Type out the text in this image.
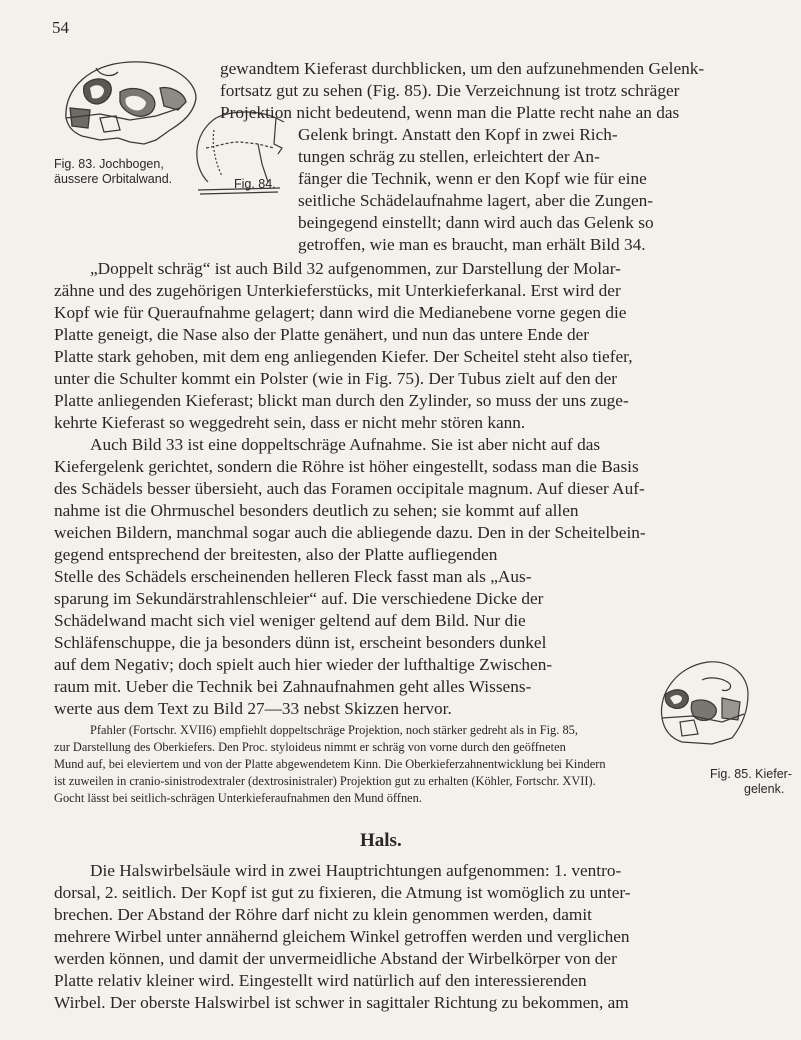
54
Fig. 83. Jochbogen,
äussere Orbitalwand.	Fig. 84.
Fig. 85. Kiefer-
gelenk.
gewandtem Kieferast durchblicken, um den aufzunehmenden Gelenk-
fortsatz gut zu sehen (Fig. 85). Die Verzeichnung ist trotz schräger
Projektion nicht bedeutend, wenn man die Platte recht nahe an das
Gelenk bringt. Anstatt den Kopf in zwei Rich-
tungen schräg zu stellen, erleichtert der An-
fänger die Technik, wenn er den Kopf wie für eine
seitliche Schädelaufnahme lagert, aber die Zungen-
beingegend einstellt; dann wird auch das Gelenk so
getroffen, wie man es braucht, man erhält Bild 34.
„Doppelt schräg“ ist auch Bild 32 aufgenommen, zur Darstellung der Molar-
zähne und des zugehörigen Unterkieferstücks, mit Unterkieferkanal. Erst wird der
Kopf wie für Queraufnahme gelagert; dann wird die Medianebene vorne gegen die
Platte geneigt, die Nase also der Platte genähert, und nun das untere Ende der
Platte stark gehoben, mit dem eng anliegenden Kiefer. Der Scheitel steht also tiefer,
unter die Schulter kommt ein Polster (wie in Fig. 75). Der Tubus zielt auf den der
Platte anliegenden Kieferast; blickt man durch den Zylinder, so muss der uns zuge-
kehrte Kieferast so weggedreht sein, dass er nicht mehr stören kann.
Auch Bild 33 ist eine doppeltschräge Aufnahme. Sie ist aber nicht auf das
Kiefergelenk gerichtet, sondern die Röhre ist höher eingestellt, sodass man die Basis
des Schädels besser übersieht, auch das Foramen occipitale magnum. Auf dieser Auf-
nahme ist die Ohrmuschel besonders deutlich zu sehen; sie kommt auf allen
weichen Bildern, manchmal sogar auch die abliegende dazu. Den in der Scheitelbein-
gegend entsprechend der breitesten, also der Platte aufliegenden
Stelle des Schädels erscheinenden helleren Fleck fasst man als „Aus-
sparung im Sekundärstrahlenschleier“ auf. Die verschiedene Dicke der
Schädelwand macht sich viel weniger geltend auf dem Bild. Nur die
Schläfenschuppe, die ja besonders dünn ist, erscheint besonders dunkel
auf dem Negativ; doch spielt auch hier wieder der lufthaltige Zwischen-
raum mit. Ueber die Technik bei Zahnaufnahmen geht alles Wissens-
werte aus dem Text zu Bild 27—33 nebst Skizzen hervor.
Pfahler (Fortschr. XVII6) empfiehlt doppeltschräge Projektion, noch stärker gedreht als in Fig. 85,
zur Darstellung des Oberkiefers. Den Proc. styloideus nimmt er schräg von vorne durch den geöffneten
Mund auf, bei eleviertem und von der Platte abgewendetem Kinn. Die Oberkieferzahnentwicklung bei Kindern
ist zuweilen in cranio-sinistrodextraler (dextrosinistraler) Projektion gut zu erhalten (Köhler, Fortschr. XVII).
Gocht lässt bei seitlich-schrägen Unterkieferaufnahmen den Mund öffnen.
Hals.
Die Halswirbelsäule wird in zwei Hauptrichtungen aufgenommen: 1. ventro-
dorsal, 2. seitlich. Der Kopf ist gut zu fixieren, die Atmung ist womöglich zu unter-
brechen. Der Abstand der Röhre darf nicht zu klein genommen werden, damit
mehrere Wirbel unter annähernd gleichem Winkel getroffen werden und verglichen
werden können, und damit der unvermeidliche Abstand der Wirbelkörper von der
Platte relativ kleiner wird. Eingestellt wird natürlich auf den interessierenden
Wirbel. Der oberste Halswirbel ist schwer in sagittaler Richtung zu bekommen, am
